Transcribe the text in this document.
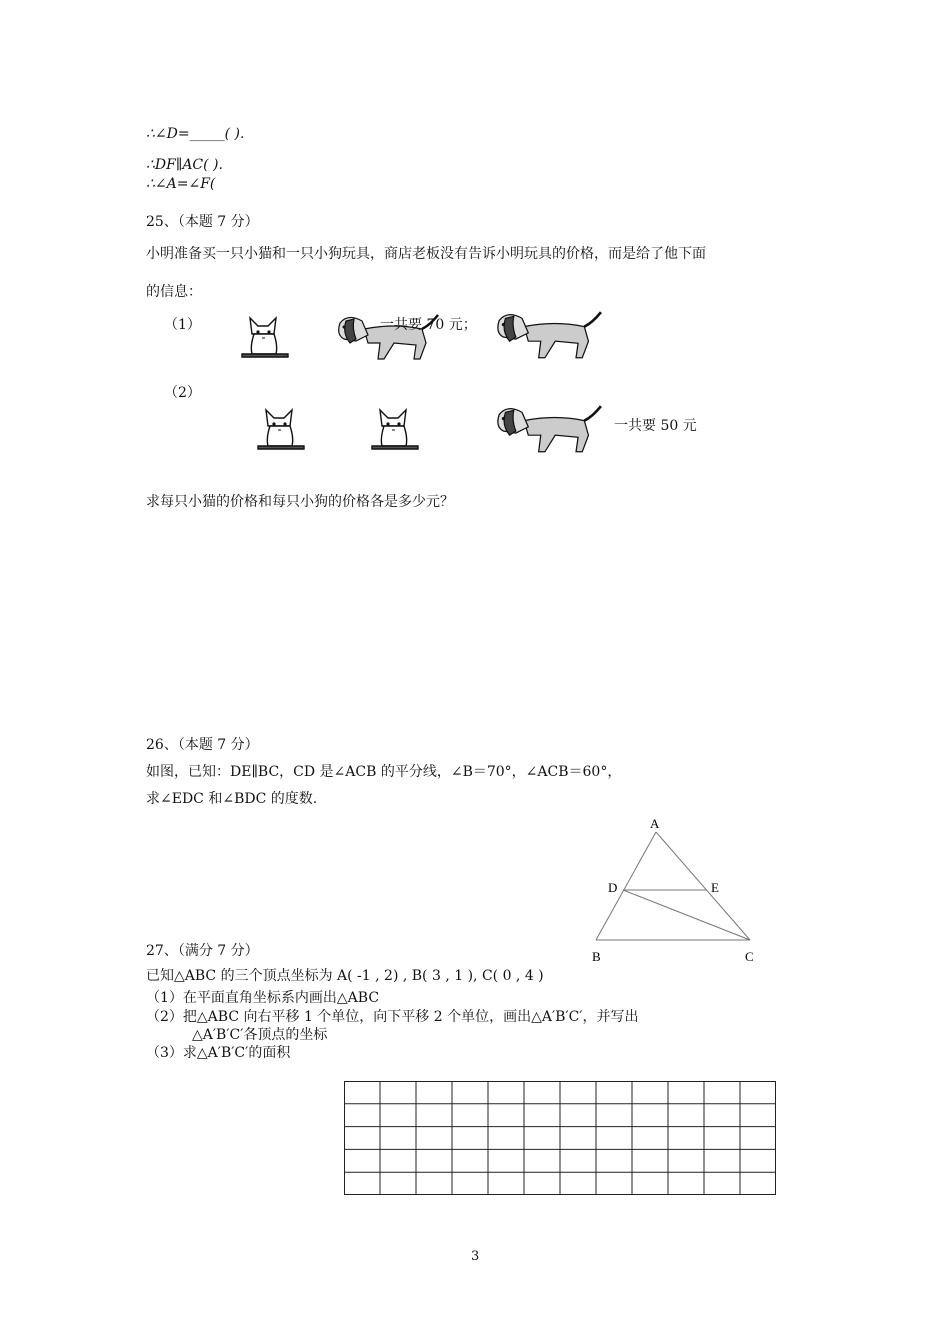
∴∠D=_____( ).
∴DF∥AC( ).
∴∠A=∠F(
25、（本题 7 分）
小明准备买一只小猫和一只小狗玩具，商店老板没有告诉小明玩具的价格，而是给了他下面
的信息：
（1）	一共要 70 元；
（2）
一共要 50 元
求每只小猫的价格和每只小狗的价格各是多少元？
26、（本题 7 分）
如图，已知：DE∥BC，CD 是∠ACB 的平分线，∠B＝70°，∠ACB＝60°，
求∠EDC 和∠BDC 的度数.
A
D	E
B	C
27、（满分 7 分）
已知△ABC 的三个顶点坐标为 A( -1 , 2) , B( 3 , 1 ), C( 0 , 4 )
（1）在平面直角坐标系内画出△ABC
（2）把△ABC 向右平移 1 个单位，向下平移 2 个单位，画出△A′B′C′，并写出
△A′B′C′各顶点的坐标
（3）求△A′B′C′的面积
3
